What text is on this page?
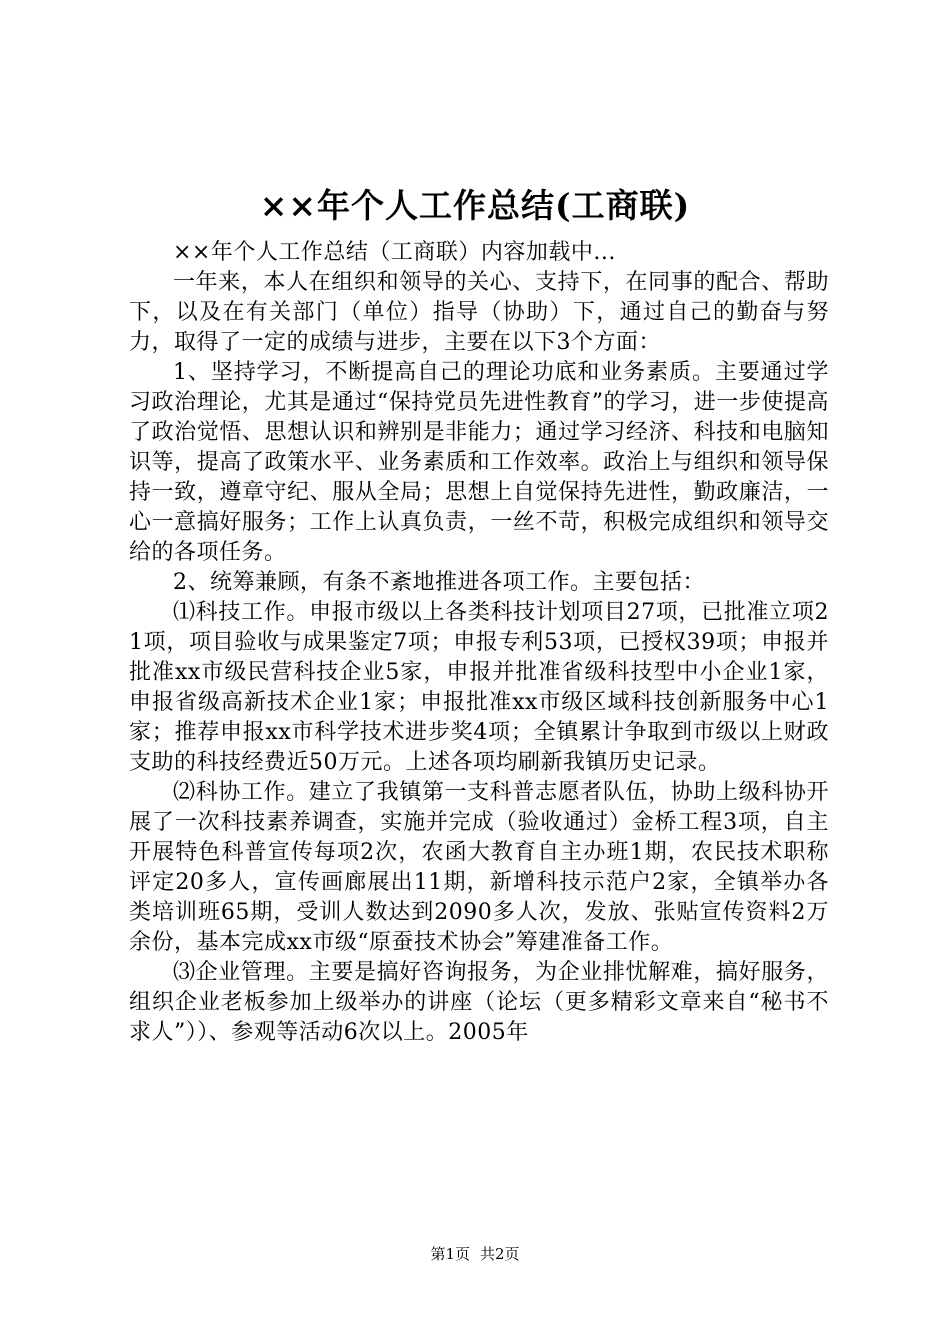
××年个人工作总结(工商联)

××年个人工作总结（工商联）内容加载中...

一年来，本人在组织和领导的关心、支持下，在同事的配合、帮助下，以及在有关部门（单位）指导（协助）下，通过自己的勤奋与努力，取得了一定的成绩与进步，主要在以下3个方面：

1、坚持学习，不断提高自己的理论功底和业务素质。主要通过学习政治理论，尤其是通过“保持党员先进性教育”的学习，进一步使提高了政治觉悟、思想认识和辨别是非能力；通过学习经济、科技和电脑知识等，提高了政策水平、业务素质和工作效率。政治上与组织和领导保持一致，遵章守纪、服从全局；思想上自觉保持先进性，勤政廉洁，一心一意搞好服务；工作上认真负责，一丝不苛，积极完成组织和领导交给的各项任务。

2、统筹兼顾，有条不紊地推进各项工作。主要包括：

⑴科技工作。申报市级以上各类科技计划项目27项，已批准立项21项，项目验收与成果鉴定7项；申报专利53项，已授权39项；申报并批准xx市级民营科技企业5家，申报并批准省级科技型中小企业1家，申报省级高新技术企业1家；申报批准xx市级区域科技创新服务中心1家；推荐申报xx市科学技术进步奖4项；全镇累计争取到市级以上财政支助的科技经费近50万元。上述各项均刷新我镇历史记录。

⑵科协工作。建立了我镇第一支科普志愿者队伍，协助上级科协开展了一次科技素养调查，实施并完成（验收通过）金桥工程3项，自主开展特色科普宣传每项2次，农函大教育自主办班1期，农民技术职称评定20多人，宣传画廊展出11期，新增科技示范户2家，全镇举办各类培训班65期，受训人数达到2090多人次，发放、张贴宣传资料2万余份，基本完成xx市级“原蚕技术协会”筹建准备工作。

⑶企业管理。主要是搞好咨询报务，为企业排忧解难，搞好服务，组织企业老板参加上级举办的讲座（论坛（更多精彩文章来自“秘书不求人”））、参观等活动6次以上。2005年

第1页 共2页
